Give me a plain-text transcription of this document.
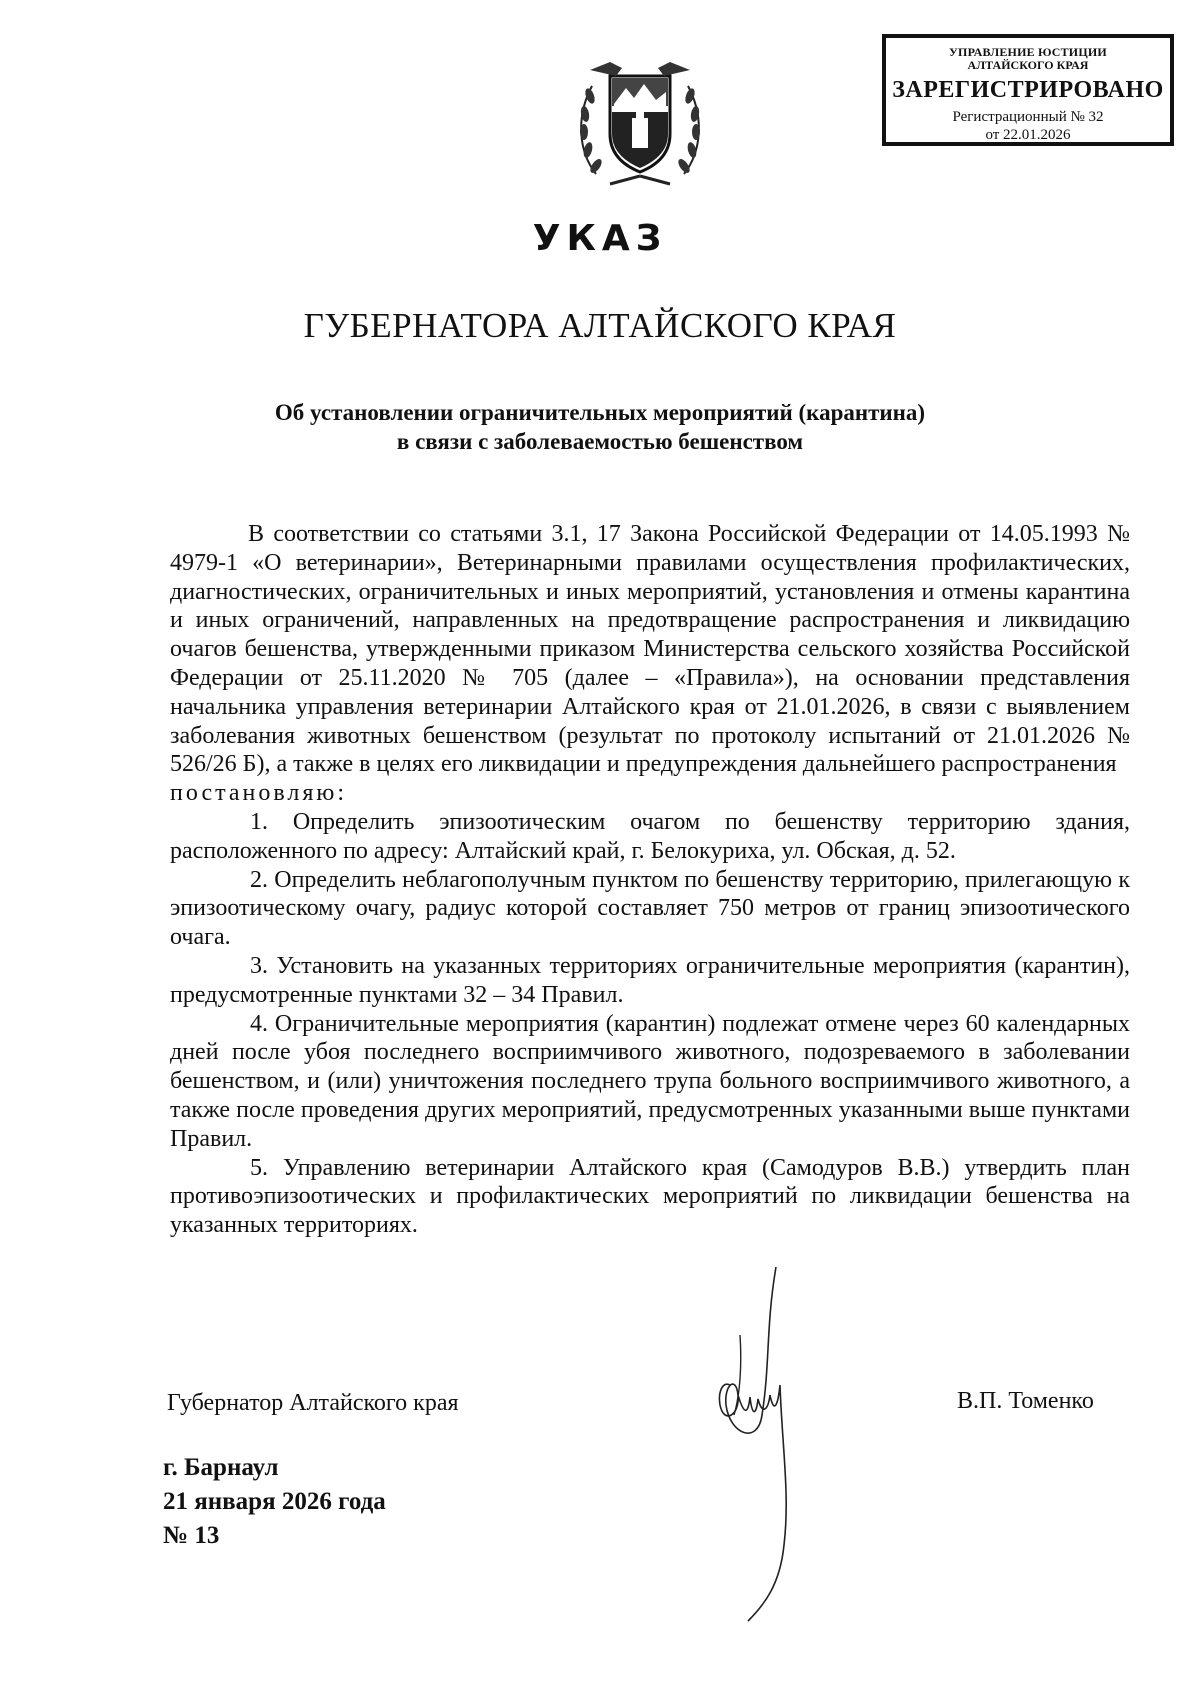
УПРАВЛЕНИЕ ЮСТИЦИИ
АЛТАЙСКОГО КРАЯ
ЗАРЕГИСТРИРОВАНО
Регистрационный № 32
от 22.01.2026
УКАЗ
ГУБЕРНАТОРА АЛТАЙСКОГО КРАЯ
Об установлении ограничительных мероприятий (карантина)
в связи с заболеваемостью бешенством

В соответствии со статьями 3.1, 17 Закона Российской Федерации от 14.05.1993 № 4979-1 «О ветеринарии», Ветеринарными правилами осуществления профилактических, диагностических, ограничительных и иных мероприятий, установления и отмены карантина и иных ограничений, направленных на предотвращение распространения и ликвидацию очагов бешенства, утвержденными приказом Министерства сельского хозяйства Российской Федерации от 25.11.2020 № 705 (далее – «Правила»), на основании представления начальника управления ветеринарии Алтайского края от 21.01.2026, в связи с выявлением заболевания животных бешенством (результат по протоколу испытаний от 21.01.2026 № 526/26 Б), а также в целях его ликвидации и предупреждения дальнейшего распространения

постановляю:

1. Определить эпизоотическим очагом по бешенству территорию здания, расположенного по адресу: Алтайский край, г. Белокуриха, ул. Обская, д. 52.

2. Определить неблагополучным пунктом по бешенству территорию, прилегающую к эпизоотическому очагу, радиус которой составляет 750 метров от границ эпизоотического очага.

3. Установить на указанных территориях ограничительные мероприятия (карантин), предусмотренные пунктами 32 – 34 Правил.

4. Ограничительные мероприятия (карантин) подлежат отмене через 60 календарных дней после убоя последнего восприимчивого животного, подозреваемого в заболевании бешенством, и (или) уничтожения последнего трупа больного восприимчивого животного, а также после проведения других мероприятий, предусмотренных указанными выше пунктами Правил.

5. Управлению ветеринарии Алтайского края (Самодуров В.В.) утвердить план противоэпизоотических и профилактических мероприятий по ликвидации бешенства на указанных территориях.

Губернатор Алтайского края	В.П. Томенко
г. Барнаул
21 января 2026 года
№ 13
